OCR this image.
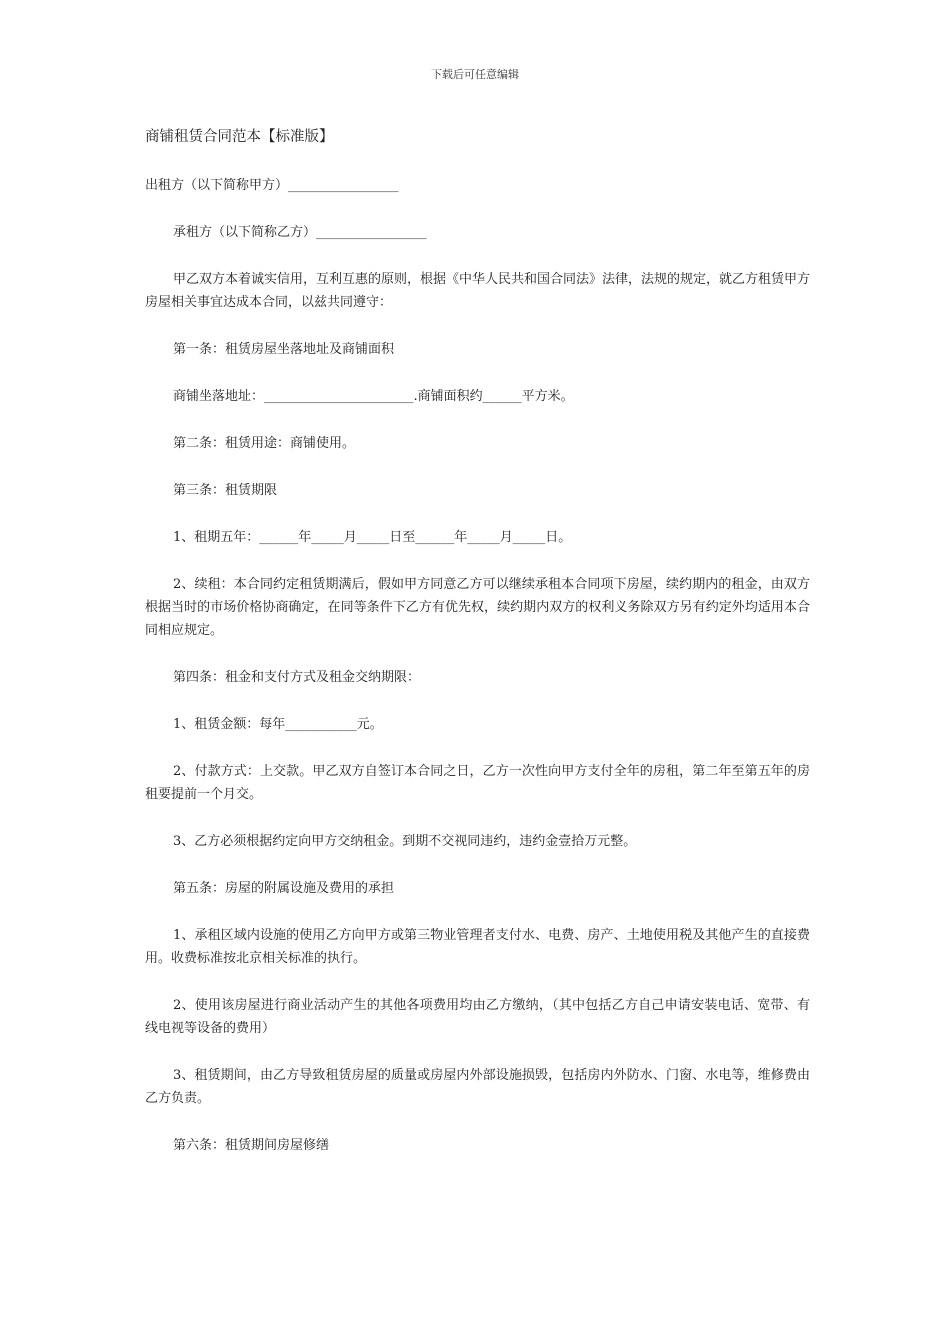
下载后可任意编辑
商铺租赁合同范本【标准版】

出租方（以下简称甲方）_________________

承租方（以下简称乙方）_________________

甲乙双方本着诚实信用，互利互惠的原则，根据《中华人民共和国合同法》法律，法规的规定，就乙方租赁甲方房屋相关事宜达成本合同，以兹共同遵守：

第一条：租赁房屋坐落地址及商铺面积

商铺坐落地址：_______________________.商铺面积约______平方米。

第二条：租赁用途：商铺使用。

第三条：租赁期限

1、租期五年：______年_____月_____日至______年_____月_____日。

2、续租：本合同约定租赁期满后，假如甲方同意乙方可以继续承租本合同项下房屋，续约期内的租金，由双方根据当时的市场价格协商确定，在同等条件下乙方有优先权，续约期内双方的权利义务除双方另有约定外均适用本合同相应规定。

第四条：租金和支付方式及租金交纳期限：

1、租赁金额：每年___________元。

2、付款方式：上交款。甲乙双方自签订本合同之日，乙方一次性向甲方支付全年的房租，第二年至第五年的房租要提前一个月交。

3、乙方必须根据约定向甲方交纳租金。到期不交视同违约，违约金壹拾万元整。

第五条：房屋的附属设施及费用的承担

1、承租区域内设施的使用乙方向甲方或第三物业管理者支付水、电费、房产、土地使用税及其他产生的直接费用。收费标准按北京相关标准的执行。

2、使用该房屋进行商业活动产生的其他各项费用均由乙方缴纳，（其中包括乙方自己申请安装电话、宽带、有线电视等设备的费用）

3、租赁期间，由乙方导致租赁房屋的质量或房屋内外部设施损毁，包括房内外防水、门窗、水电等，维修费由乙方负责。

第六条：租赁期间房屋修缮
